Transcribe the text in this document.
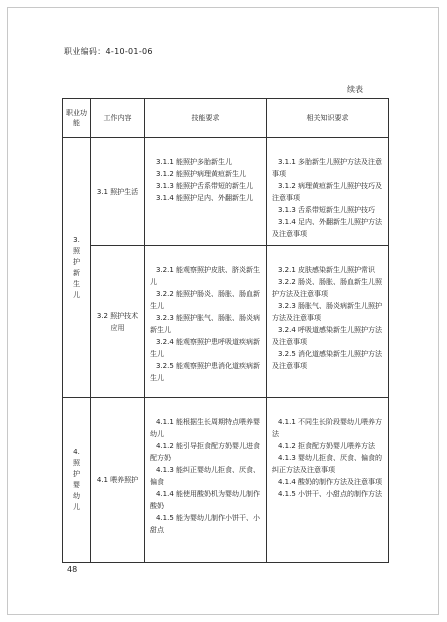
职业编码：4-10-01-06
续表
职业功能	工作内容	技能要求	相关知识要求

3.照护新生儿	3.1 照护生活	3.1.1 能照护多胎新生儿
3.1.2 能照护病理黄疸新生儿
3.1.3 能照护舌系带短的新生儿
3.1.4 能照护足内、外翻新生儿	3.1.1 多胎新生儿照护方法及注意事项
3.1.2 病理黄疸新生儿照护技巧及注意事项
3.1.3 舌系带短新生儿照护技巧
3.1.4 足内、外翻新生儿照护方法及注意事项

	3.2 照护技术应用	3.2.1 能观察照护皮肤、脐炎新生儿
3.2.2 能照护肠炎、肠胀、肠血新生儿
3.2.3 能照护胀气、肠胀、肠炎病新生儿
3.2.4 能观察照护患呼吸道疾病新生儿
3.2.5 能观察照护患消化道疾病新生儿	3.2.1 皮肤感染新生儿照护常识
3.2.2 肠炎、肠胀、肠血新生儿照护方法及注意事项
3.2.3 肠胀气、肠炎病新生儿照护方法及注意事项
3.2.4 呼吸道感染新生儿照护方法及注意事项
3.2.5 消化道感染新生儿照护方法及注意事项

4.照护婴幼儿	4.1 喂养照护	4.1.1 能根据生长周期特点喂养婴幼儿
4.1.2 能引导拒食配方奶婴儿进食配方奶
4.1.3 能纠正婴幼儿拒食、厌食、偏食
4.1.4 能使用酸奶机为婴幼儿制作酸奶
4.1.5 能为婴幼儿制作小饼干、小甜点	4.1.1 不同生长阶段婴幼儿喂养方法
4.1.2 拒食配方奶婴儿喂养方法
4.1.3 婴幼儿拒食、厌食、偏食的纠正方法及注意事项
4.1.4 酸奶的制作方法及注意事项
4.1.5 小饼干、小甜点的制作方法
48
